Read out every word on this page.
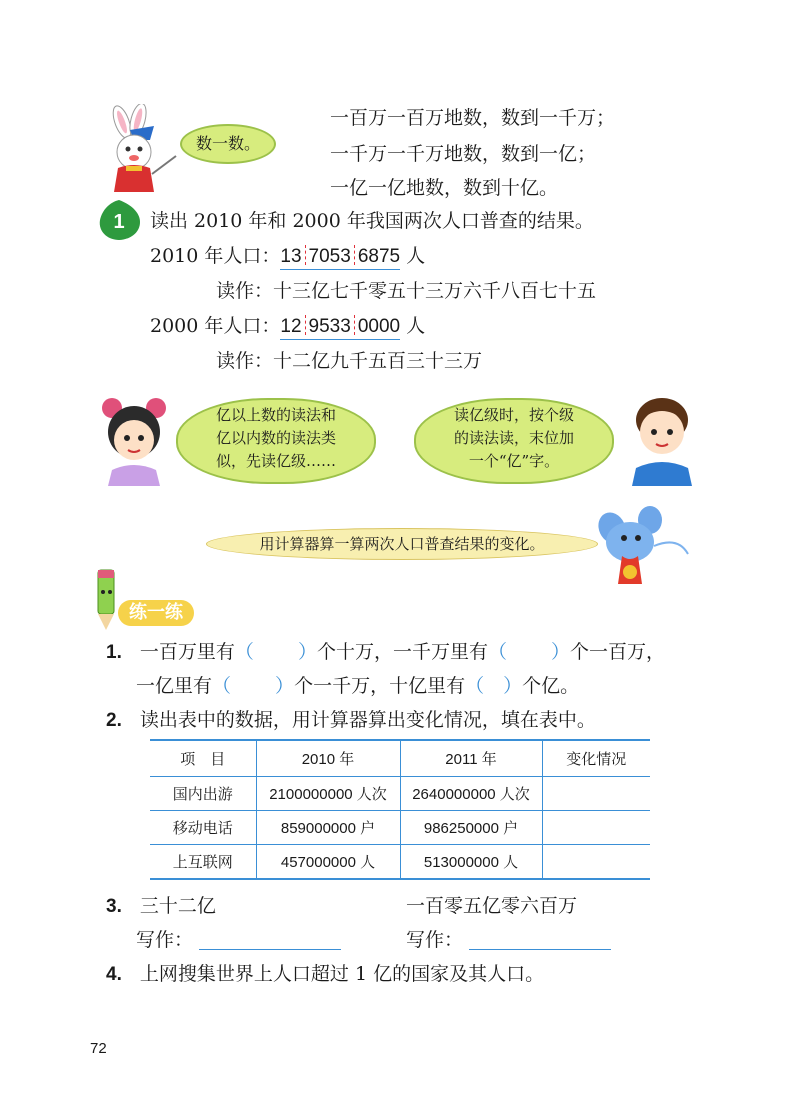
数一数。
一百万一百万地数，数到一千万；
一千万一千万地数，数到一亿；
一亿一亿地数，数到十亿。
1 读出 2010 年和 2000 年我国两次人口普查的结果。
2010 年人口：13 7053 6875 人
读作：十三亿七千零五十三万六千八百七十五
2000 年人口：12 9533 0000 人
读作：十二亿九千五百三十三万
亿以上数的读法和
亿以内数的读法类
似，先读亿级……
读亿级时，按个级
的读法读，末位加
一个“亿”字。
用计算器算一算两次人口普查结果的变化。
练一练
1. 一百万里有（　　 ）个十万，一千万里有（　　 ）个一百万，
一亿里有（　　 ）个一千万，十亿里有（　）个亿。
2. 读出表中的数据，用计算器算出变化情况，填在表中。
项　目	2010 年	2011 年	变化情况
国内出游	2100000000 人次	2640000000 人次	
移动电话	859000000 户	986250000 户	
上互联网	457000000 人	513000000 人	
3. 三十二亿	一百零五亿零六百万
写作：	写作：
4. 上网搜集世界上人口超过 1 亿的国家及其人口。
72
